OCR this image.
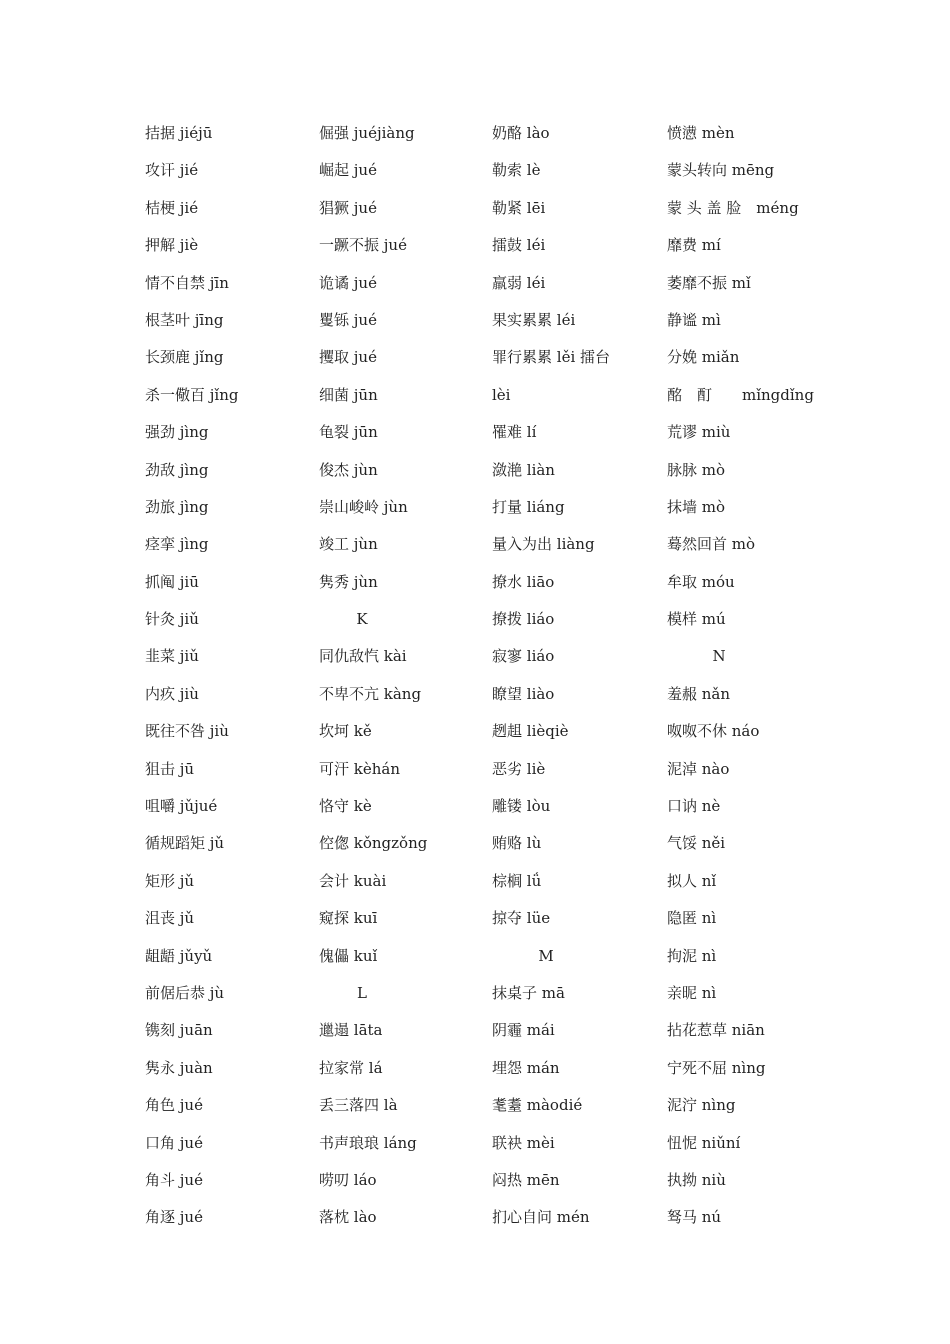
拮据 jiéjū
攻讦 jié
桔梗 jié
押解 jiè
情不自禁 jīn
根茎叶 jīng
长颈鹿 jǐng
杀一儆百 jǐng
强劲 jìng
劲敌 jìng
劲旅 jìng
痉挛 jìng
抓阄 jiū
针灸 jiǔ
韭菜 jiǔ
内疚 jiù
既往不咎 jiù
狙击 jū
咀嚼 jǔjué
循规蹈矩 jǔ
矩形 jǔ
沮丧 jǔ
龃龉 jǔyǔ
前倨后恭 jù
镌刻 juān
隽永 juàn
角色 jué
口角 jué
角斗 jué
角逐 jué
倔强 juéjiàng
崛起 jué
猖獗 jué
一蹶不振 jué
诡谲 jué
矍铄 jué
攫取 jué
细菌 jūn
龟裂 jūn
俊杰 jùn
崇山峻岭 jùn
竣工 jùn
隽秀 jùn
K
同仇敌忾 kài
不卑不亢 kàng
坎坷 kě
可汗 kèhán
恪守 kè
倥偬 kǒngzǒng
会计 kuài
窥探 kuī
傀儡 kuǐ
L
邋遢 lāta
拉家常 lá
丢三落四 là
书声琅琅 láng
唠叨 láo
落枕 lào
奶酪 lào
勒索 lè
勒紧 lēi
擂鼓 léi
羸弱 léi
果实累累 léi
罪行累累 lěi 擂台
lèi
罹难 lí
潋滟 liàn
打量 liáng
量入为出 liàng
撩水 liāo
撩拨 liáo
寂寥 liáo
瞭望 liào
趔趄 lièqiè
恶劣 liè
雕镂 lòu
贿赂 lù
棕榈 lǘ
掠夺 lüe
M
抹桌子 mā
阴霾 mái
埋怨 mán
耄耋 màodié
联袂 mèi
闷热 mēn
扪心自问 mén
愤懑 mèn
蒙头转向 mēng
蒙 头 盖 脸　méng
靡费 mí
萎靡不振 mǐ
静谧 mì
分娩 miǎn
酩　酊　　mǐngdǐng
荒谬 miù
脉脉 mò
抹墙 mò
蓦然回首 mò
牟取 móu
模样 mú
N
羞赧 nǎn
呶呶不休 náo
泥淖 nào
口讷 nè
气馁 něi
拟人 nǐ
隐匿 nì
拘泥 nì
亲昵 nì
拈花惹草 niān
宁死不屈 nìng
泥泞 nìng
忸怩 niǔní
执拗 niù
驽马 nú
